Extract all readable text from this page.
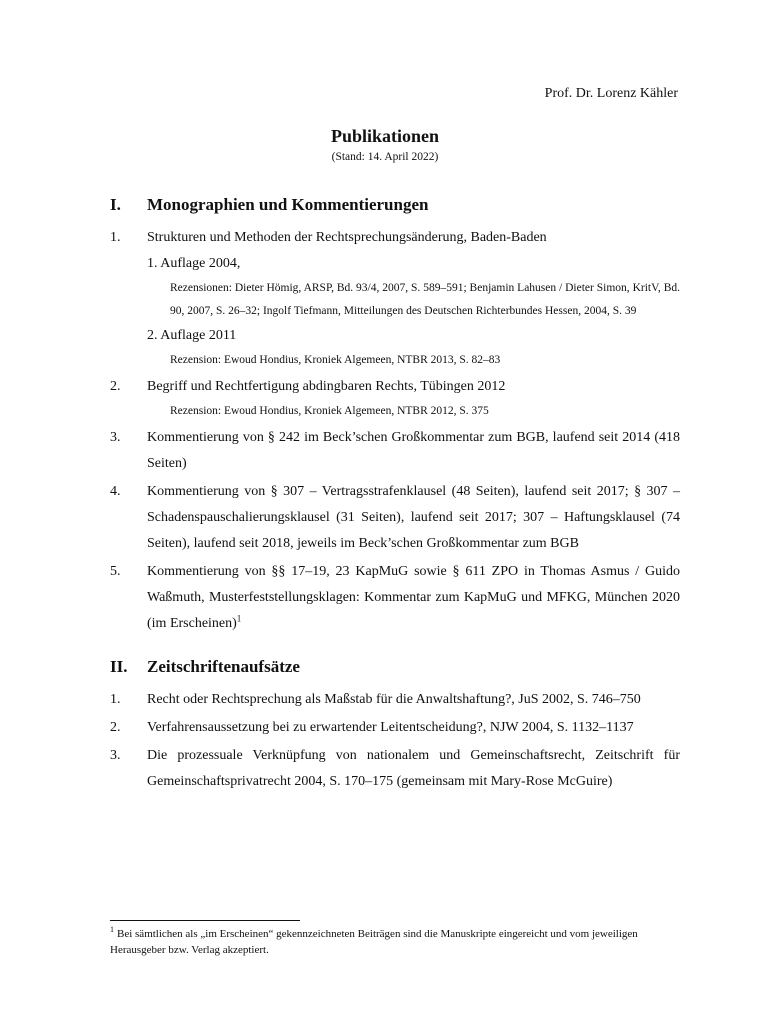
Prof. Dr. Lorenz Kähler

Publikationen

(Stand: 14. April 2022)

I.	Monographien und Kommentierungen
1.	Strukturen und Methoden der Rechtsprechungsänderung, Baden-Baden

1. Auflage 2004,

Rezensionen: Dieter Hömig, ARSP, Bd. 93/4, 2007, S. 589–591; Benjamin Lahusen / Dieter Simon, KritV, Bd. 90, 2007, S. 26–32; Ingolf Tiefmann, Mitteilungen des Deutschen Richterbundes Hessen, 2004, S. 39

2. Auflage 2011

Rezension: Ewoud Hondius, Kroniek Algemeen, NTBR 2013, S. 82–83

2.	Begriff und Rechtfertigung abdingbaren Rechts, Tübingen 2012

Rezension: Ewoud Hondius, Kroniek Algemeen, NTBR 2012, S. 375

3.	Kommentierung von § 242 im Beck’schen Großkommentar zum BGB, laufend seit 2014 (418 Seiten)

4.	Kommentierung von § 307 – Vertragsstrafenklausel (48 Seiten), laufend seit 2017; § 307 – Schadenspauschalierungsklausel (31 Seiten), laufend seit 2017; 307 – Haftungsklausel (74 Seiten), laufend seit 2018, jeweils im Beck’schen Großkommentar zum BGB

5.	Kommentierung von §§ 17–19, 23 KapMuG sowie § 611 ZPO in Thomas Asmus / Guido Waßmuth, Musterfeststellungsklagen: Kommentar zum KapMuG und MFKG, München 2020 (im Erscheinen)$^1$

II.	Zeitschriftenaufsätze
1.	Recht oder Rechtsprechung als Maßstab für die Anwaltshaftung?, JuS 2002, S. 746–750

2.	Verfahrensaussetzung bei zu erwartender Leitentscheidung?, NJW 2004, S. 1132–1137

3.	Die prozessuale Verknüpfung von nationalem und Gemeinschaftsrecht, Zeitschrift für Gemeinschaftsprivatrecht 2004, S. 170–175 (gemeinsam mit Mary-Rose McGuire)

$^1$ Bei sämtlichen als „im Erscheinen“ gekennzeichneten Beiträgen sind die Manuskripte eingereicht und vom jeweiligen Herausgeber bzw. Verlag akzeptiert.
